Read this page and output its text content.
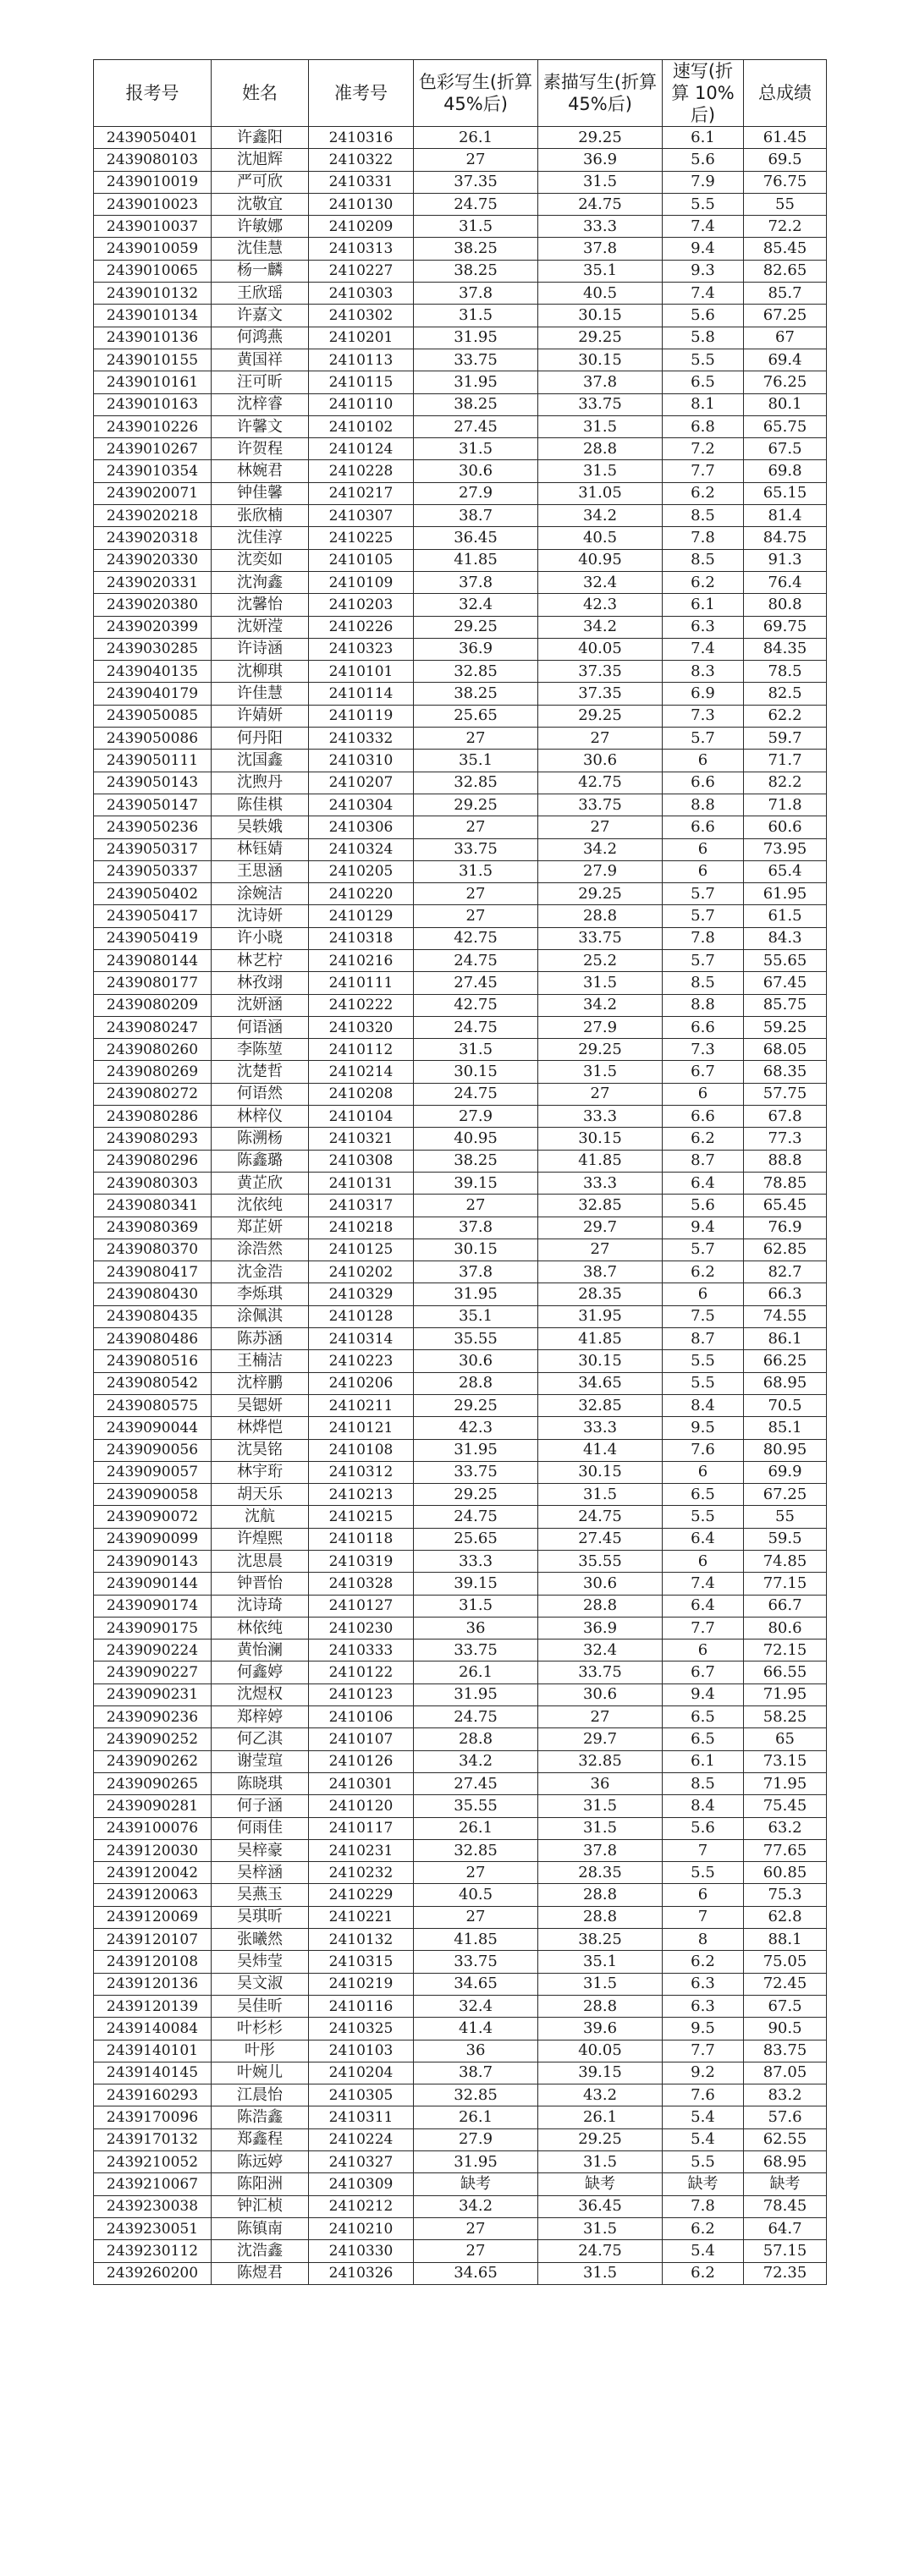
报考号	姓名	准考号	色彩写生(折算 45%后)	素描写生(折算 45%后)	速写(折算 10%后)	总成绩
2439050401	许鑫阳	2410316	26.1	29.25	6.1	61.45
2439080103	沈旭辉	2410322	27	36.9	5.6	69.5
2439010019	严可欣	2410331	37.35	31.5	7.9	76.75
2439010023	沈敬宜	2410130	24.75	24.75	5.5	55
2439010037	许敏娜	2410209	31.5	33.3	7.4	72.2
2439010059	沈佳慧	2410313	38.25	37.8	9.4	85.45
2439010065	杨一麟	2410227	38.25	35.1	9.3	82.65
2439010132	王欣瑶	2410303	37.8	40.5	7.4	85.7
2439010134	许嘉文	2410302	31.5	30.15	5.6	67.25
2439010136	何鸿燕	2410201	31.95	29.25	5.8	67
2439010155	黄国祥	2410113	33.75	30.15	5.5	69.4
2439010161	汪可昕	2410115	31.95	37.8	6.5	76.25
2439010163	沈梓睿	2410110	38.25	33.75	8.1	80.1
2439010226	许馨文	2410102	27.45	31.5	6.8	65.75
2439010267	许贺程	2410124	31.5	28.8	7.2	67.5
2439010354	林婉君	2410228	30.6	31.5	7.7	69.8
2439020071	钟佳馨	2410217	27.9	31.05	6.2	65.15
2439020218	张欣楠	2410307	38.7	34.2	8.5	81.4
2439020318	沈佳淳	2410225	36.45	40.5	7.8	84.75
2439020330	沈奕如	2410105	41.85	40.95	8.5	91.3
2439020331	沈洵鑫	2410109	37.8	32.4	6.2	76.4
2439020380	沈馨怡	2410203	32.4	42.3	6.1	80.8
2439020399	沈妍滢	2410226	29.25	34.2	6.3	69.75
2439030285	许诗涵	2410323	36.9	40.05	7.4	84.35
2439040135	沈柳琪	2410101	32.85	37.35	8.3	78.5
2439040179	许佳慧	2410114	38.25	37.35	6.9	82.5
2439050085	许婧妍	2410119	25.65	29.25	7.3	62.2
2439050086	何丹阳	2410332	27	27	5.7	59.7
2439050111	沈国鑫	2410310	35.1	30.6	6	71.7
2439050143	沈煦丹	2410207	32.85	42.75	6.6	82.2
2439050147	陈佳棋	2410304	29.25	33.75	8.8	71.8
2439050236	吴轶娥	2410306	27	27	6.6	60.6
2439050317	林钰婧	2410324	33.75	34.2	6	73.95
2439050337	王思涵	2410205	31.5	27.9	6	65.4
2439050402	涂婉洁	2410220	27	29.25	5.7	61.95
2439050417	沈诗妍	2410129	27	28.8	5.7	61.5
2439050419	许小晓	2410318	42.75	33.75	7.8	84.3
2439080144	林艺柠	2410216	24.75	25.2	5.7	55.65
2439080177	林孜翊	2410111	27.45	31.5	8.5	67.45
2439080209	沈妍涵	2410222	42.75	34.2	8.8	85.75
2439080247	何语涵	2410320	24.75	27.9	6.6	59.25
2439080260	李陈堃	2410112	31.5	29.25	7.3	68.05
2439080269	沈楚哲	2410214	30.15	31.5	6.7	68.35
2439080272	何语然	2410208	24.75	27	6	57.75
2439080286	林梓仪	2410104	27.9	33.3	6.6	67.8
2439080293	陈溯杨	2410321	40.95	30.15	6.2	77.3
2439080296	陈鑫璐	2410308	38.25	41.85	8.7	88.8
2439080303	黄芷欣	2410131	39.15	33.3	6.4	78.85
2439080341	沈依纯	2410317	27	32.85	5.6	65.45
2439080369	郑芷妍	2410218	37.8	29.7	9.4	76.9
2439080370	涂浩然	2410125	30.15	27	5.7	62.85
2439080417	沈金浩	2410202	37.8	38.7	6.2	82.7
2439080430	李烁琪	2410329	31.95	28.35	6	66.3
2439080435	涂佩淇	2410128	35.1	31.95	7.5	74.55
2439080486	陈苏涵	2410314	35.55	41.85	8.7	86.1
2439080516	王楠洁	2410223	30.6	30.15	5.5	66.25
2439080542	沈梓鹏	2410206	28.8	34.65	5.5	68.95
2439080575	吴锶妍	2410211	29.25	32.85	8.4	70.5
2439090044	林烨恺	2410121	42.3	33.3	9.5	85.1
2439090056	沈昊铭	2410108	31.95	41.4	7.6	80.95
2439090057	林宇珩	2410312	33.75	30.15	6	69.9
2439090058	胡天乐	2410213	29.25	31.5	6.5	67.25
2439090072	沈航	2410215	24.75	24.75	5.5	55
2439090099	许煌熙	2410118	25.65	27.45	6.4	59.5
2439090143	沈思晨	2410319	33.3	35.55	6	74.85
2439090144	钟晋怡	2410328	39.15	30.6	7.4	77.15
2439090174	沈诗琦	2410127	31.5	28.8	6.4	66.7
2439090175	林依纯	2410230	36	36.9	7.7	80.6
2439090224	黄怡澜	2410333	33.75	32.4	6	72.15
2439090227	何鑫婷	2410122	26.1	33.75	6.7	66.55
2439090231	沈煜权	2410123	31.95	30.6	9.4	71.95
2439090236	郑梓婷	2410106	24.75	27	6.5	58.25
2439090252	何乙淇	2410107	28.8	29.7	6.5	65
2439090262	谢莹瑄	2410126	34.2	32.85	6.1	73.15
2439090265	陈晓琪	2410301	27.45	36	8.5	71.95
2439090281	何子涵	2410120	35.55	31.5	8.4	75.45
2439100076	何雨佳	2410117	26.1	31.5	5.6	63.2
2439120030	吴梓豪	2410231	32.85	37.8	7	77.65
2439120042	吴梓涵	2410232	27	28.35	5.5	60.85
2439120063	吴燕玉	2410229	40.5	28.8	6	75.3
2439120069	吴琪昕	2410221	27	28.8	7	62.8
2439120107	张曦然	2410132	41.85	38.25	8	88.1
2439120108	吴炜莹	2410315	33.75	35.1	6.2	75.05
2439120136	吴文淑	2410219	34.65	31.5	6.3	72.45
2439120139	吴佳昕	2410116	32.4	28.8	6.3	67.5
2439140084	叶杉杉	2410325	41.4	39.6	9.5	90.5
2439140101	叶彤	2410103	36	40.05	7.7	83.75
2439140145	叶婉儿	2410204	38.7	39.15	9.2	87.05
2439160293	江晨怡	2410305	32.85	43.2	7.6	83.2
2439170096	陈浩鑫	2410311	26.1	26.1	5.4	57.6
2439170132	郑鑫程	2410224	27.9	29.25	5.4	62.55
2439210052	陈远婷	2410327	31.95	31.5	5.5	68.95
2439210067	陈阳洲	2410309	缺考	缺考	缺考	缺考
2439230038	钟汇桢	2410212	34.2	36.45	7.8	78.45
2439230051	陈镇南	2410210	27	31.5	6.2	64.7
2439230112	沈浩鑫	2410330	27	24.75	5.4	57.15
2439260200	陈煜君	2410326	34.65	31.5	6.2	72.35
